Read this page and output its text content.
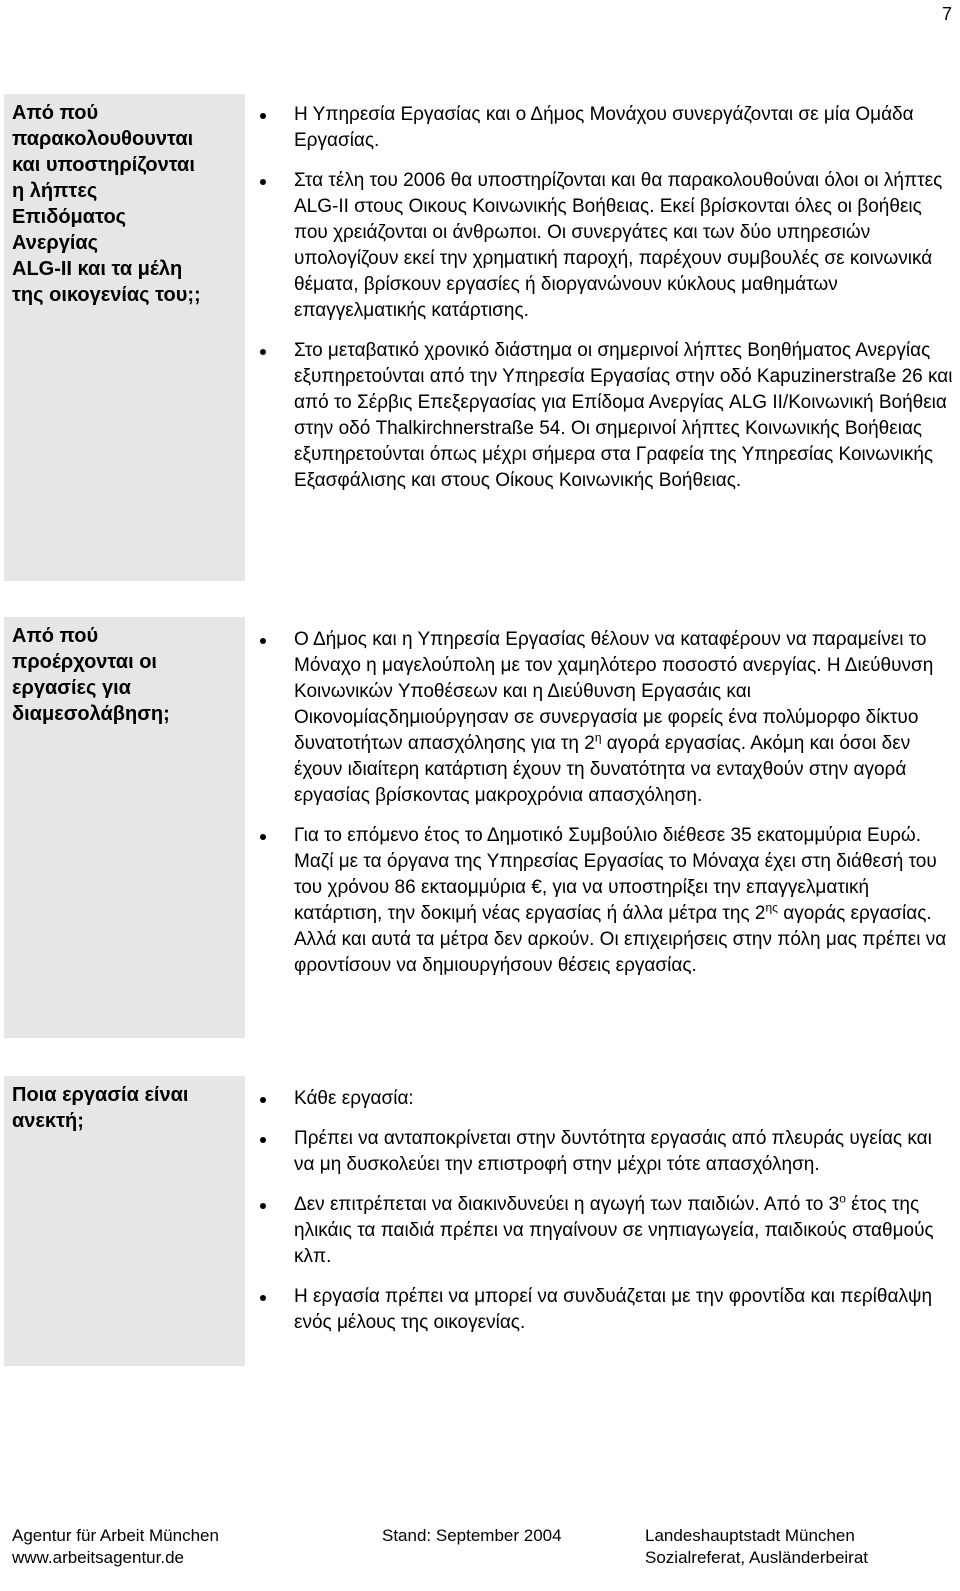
7
Από πού
παρακολουθουνται
και υποστηρίζονται
η λήπτες
Επιδόματος
Ανεργίας
ALG-II και τα μέλη
της οικογενίας του;;

Η Υπηρεσία Εργασίας και ο Δήμος Μονάχου συνεργάζονται σε μία Ομάδα Εργασίας.

Στα τέλη του 2006 θα υποστηρίζονται και θα παρακολουθούναι όλοι οι λήπτες ALG-II στους Οικους Κοινωνικής Βοήθειας. Εκεί βρίσκονται όλες οι βοήθεις που χρειάζονται οι άνθρωποι. Οι συνεργάτες και των δύο υπηρεσιών υπολογίζουν εκεί την χρηματική παροχή, παρέχουν συμβουλές σε κοινωνικά θέματα, βρίσκουν εργασίες ή διοργανώνουν κύκλους μαθημάτων επαγγελματικής κατάρτισης.

Στο μεταβατικό χρονικό διάστημα οι σημερινοί λήπτες Βοηθήματος Ανεργίας εξυπηρετούνται από την Υπηρεσία Εργασίας στην οδό Kapuzinerstraße 26 και από το Σέρβις Επεξεργασίας για Επίδομα Ανεργίας ALG II/Κοινωνική Βοήθεια στην οδό Thalkirchnerstraße 54. Οι σημερινοί λήπτες Κοινωνικής Βοήθειας εξυπηρετούνται όπως μέχρι σήμερα στα Γραφεία της Υπηρεσίας Κοινωνικής Εξασφάλισης και στους Οίκους Κοινωνικής Βοήθειας.

Από πού
προέρχονται οι
εργασίες για
διαμεσολάβηση;

Ο Δήμος και η Υπηρεσία Εργασίας θέλουν να καταφέρουν να παραμείνει το Μόναχο η μαγελούπολη με τον χαμηλότερο ποσοστό ανεργίας. Η Διεύθυνση Κοινωνικών Υποθέσεων και η Διεύθυνση Εργασάις και Οικονομίαςδημιούργησαν σε συνεργασία με φορείς ένα πολύμορφο δίκτυο δυνατοτήτων απασχόλησης για τη $2^\eta$ αγορά εργασίας. Ακόμη και όσοι δεν έχουν ιδιαίτερη κατάρτιση έχουν τη δυνατότητα να ενταχθούν στην αγορά εργασίας βρίσκοντας μακροχρόνια απασχόληση.

Για το επόμενο έτος το Δημοτικό Συμβούλιο διέθεσε 35 εκατομμύρια Ευρώ. Μαζί με τα όργανα της Υπηρεσίας Εργασίας το Μόναχα έχει στη διάθεσή του του χρόνου 86 εκταομμύρια €, για να υποστηρίξει την επαγγελματική κατάρτιση, την δοκιμή νέας εργασίας ή άλλα μέτρα της $2^{\eta\varsigma}$ αγοράς εργασίας. Αλλά και αυτά τα μέτρα δεν αρκούν. Οι επιχειρήσεις στην πόλη μας πρέπει να φροντίσουν να δημιουργήσουν θέσεις εργασίας.

Ποια εργασία είναι
ανεκτή;

Κάθε εργασία:

Πρέπει να ανταποκρίνεται στην δυντότητα εργασάις από πλευράς υγείας και να μη δυσκολεύει την επιστροφή στην μέχρι τότε απασχόληση.

Δεν επιτρέπεται να διακινδυνεύει η αγωγή των παιδιών. Από το $3^o$ έτος της ηλικάις τα παιδιά πρέπει να πηγαίνουν σε νηπιαγωγεία, παιδικούς σταθμούς κλπ.

Η εργασία πρέπει να μπορεί να συνδυάζεται με την φροντίδα και περίθαλψη ενός μέλους της οικογενίας.

Agentur für Arbeit München
www.arbeitsagentur.de
Stand: September 2004	Landeshauptstadt München
Sozialreferat, Ausländerbeirat
